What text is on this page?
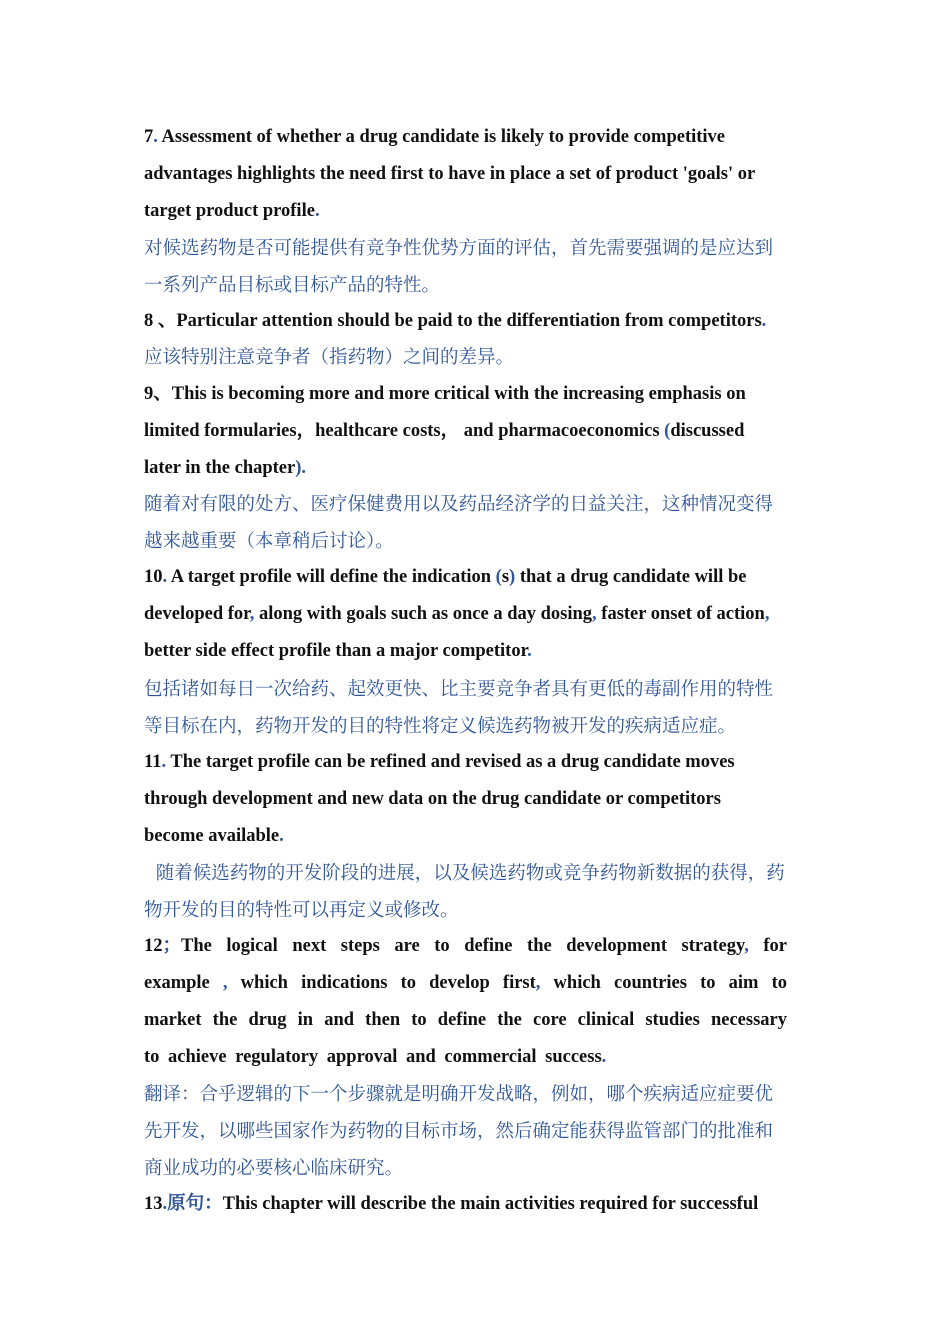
7. Assessment of whether a drug candidate is likely to provide competitive
advantages highlights the need first to have in place a set of product 'goals' or
target product profile.
对候选药物是否可能提供有竞争性优势方面的评估，首先需要强调的是应达到
一系列产品目标或目标产品的特性。
8 、Particular attention should be paid to the differentiation from competitors.
应该特别注意竞争者（指药物）之间的差异。
9、This is becoming more and more critical with the increasing emphasis on
limited formularies，healthcare costs， and pharmacoeconomics (discussed
later in the chapter).
随着对有限的处方、医疗保健费用以及药品经济学的日益关注，这种情况变得
越来越重要（本章稍后讨论）。
10. A target profile will define the indication (s) that a drug candidate will be
developed for, along with goals such as once a day dosing, faster onset of action,
better side effect profile than a major competitor.
包括诸如每日一次给药、起效更快、比主要竞争者具有更低的毒副作用的特性
等目标在内，药物开发的目的特性将定义候选药物被开发的疾病适应症。
11. The target profile can be refined and revised as a drug candidate moves
through development and new data on the drug candidate or competitors
become available.
随着候选药物的开发阶段的进展，以及候选药物或竞争药物新数据的获得，药
物开发的目的特性可以再定义或修改。
12；The logical next steps are to define the development strategy, for
example , which indications to develop first, which countries to aim to
market the drug in and then to define the core clinical studies necessary
to achieve regulatory approval and commercial success.
翻译：合乎逻辑的下一个步骤就是明确开发战略，例如，哪个疾病适应症要优
先开发，以哪些国家作为药物的目标市场，然后确定能获得监管部门的批准和
商业成功的必要核心临床研究。
13.原句：This chapter will describe the main activities required for successful
